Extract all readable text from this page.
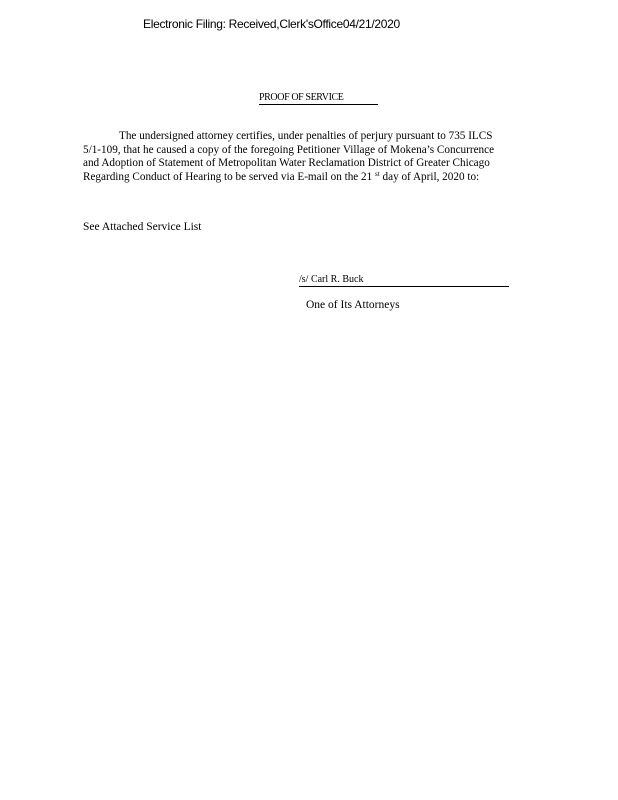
Electronic Filing: Received,Clerk'sOffice04/21/2020
PROOF OF SERVICE
The undersigned attorney certifies, under penalties of perjury pursuant to 735 ILCS
5/1-109, that he caused a copy of the foregoing Petitioner Village of Mokena’s Concurrence
and Adoption of Statement of Metropolitan Water Reclamation District of Greater Chicago
Regarding Conduct of Hearing to be served via E-mail on the 21 $^{st}$ day of April, 2020 to:
See Attached Service List
/s/ Carl R. Buck
One of Its Attorneys
